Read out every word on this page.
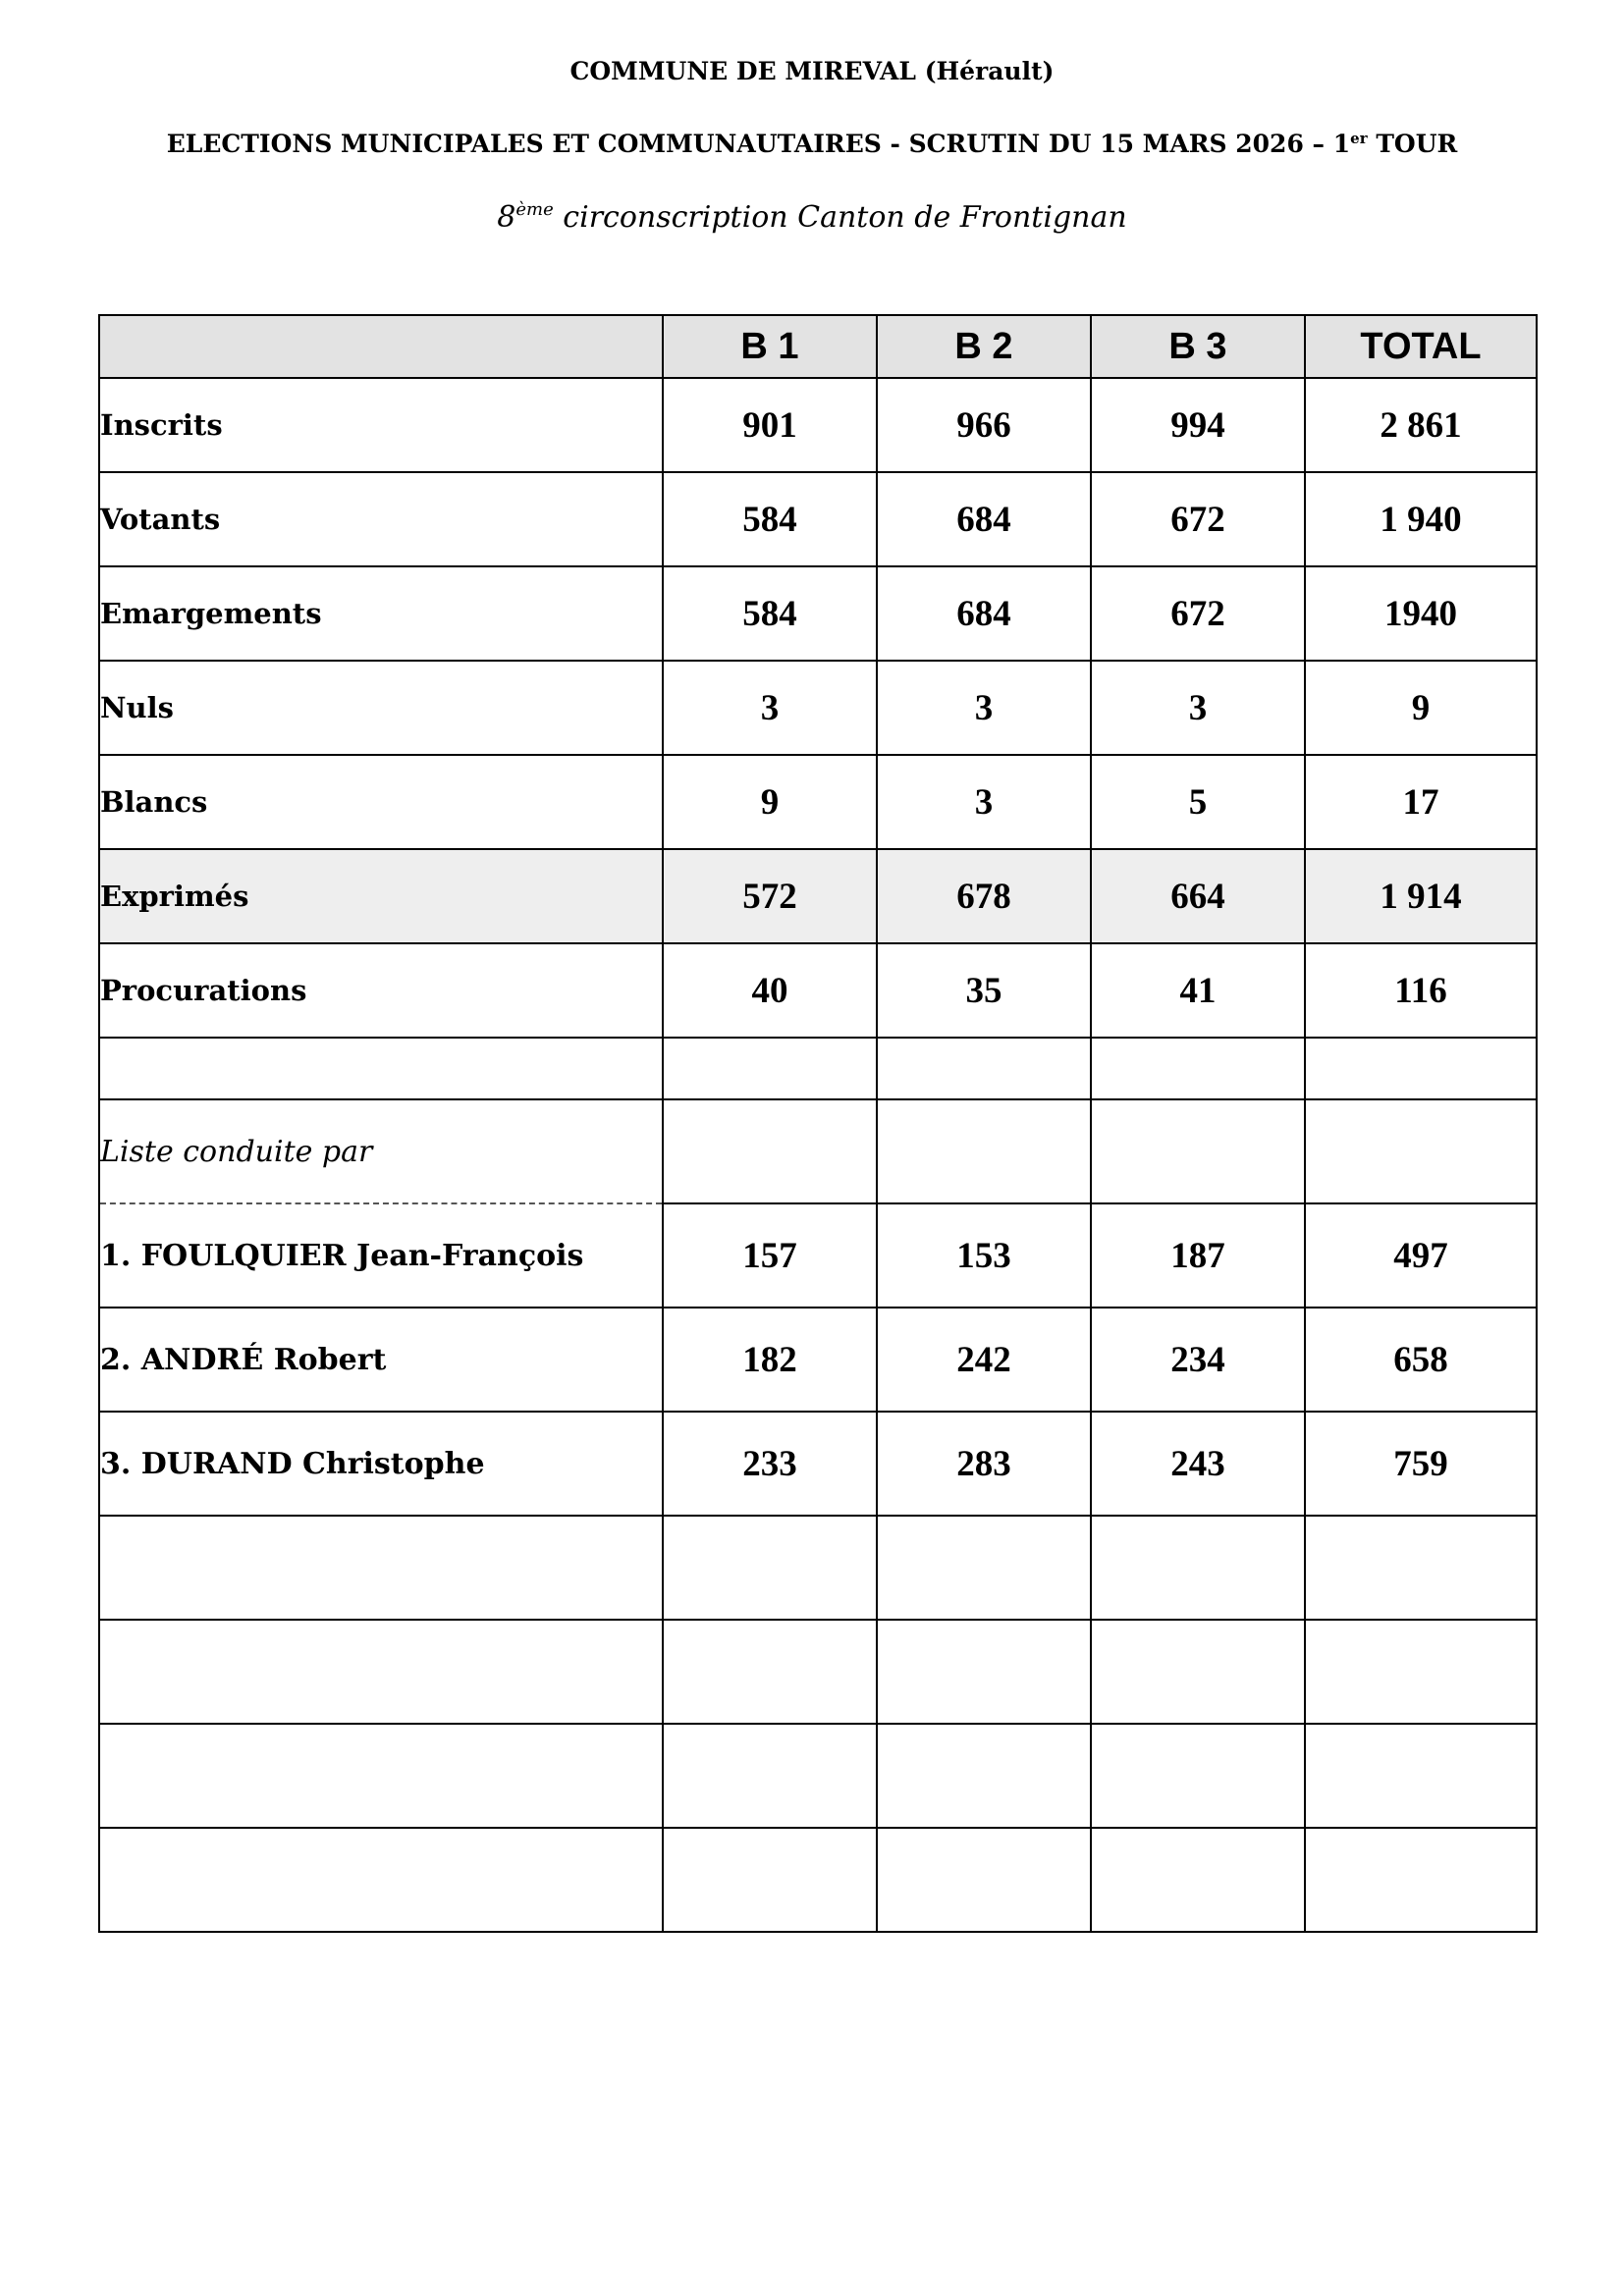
COMMUNE DE MIREVAL (Hérault)
ELECTIONS MUNICIPALES ET COMMUNAUTAIRES - SCRUTIN DU 15 MARS 2026 – 1er TOUR
8ème circonscription Canton de Frontignan
	B 1	B 2	B 3	TOTAL
Inscrits	901	966	994	2 861
Votants	584	684	672	1 940
Emargements	584	684	672	1940
Nuls	3	3	3	9
Blancs	9	3	5	17
Exprimés	572	678	664	1 914
Procurations	40	35	41	116

Liste conduite par				
1. FOULQUIER Jean-François	157	153	187	497
2. ANDRÉ Robert	182	242	234	658
3. DURAND Christophe	233	283	243	759
